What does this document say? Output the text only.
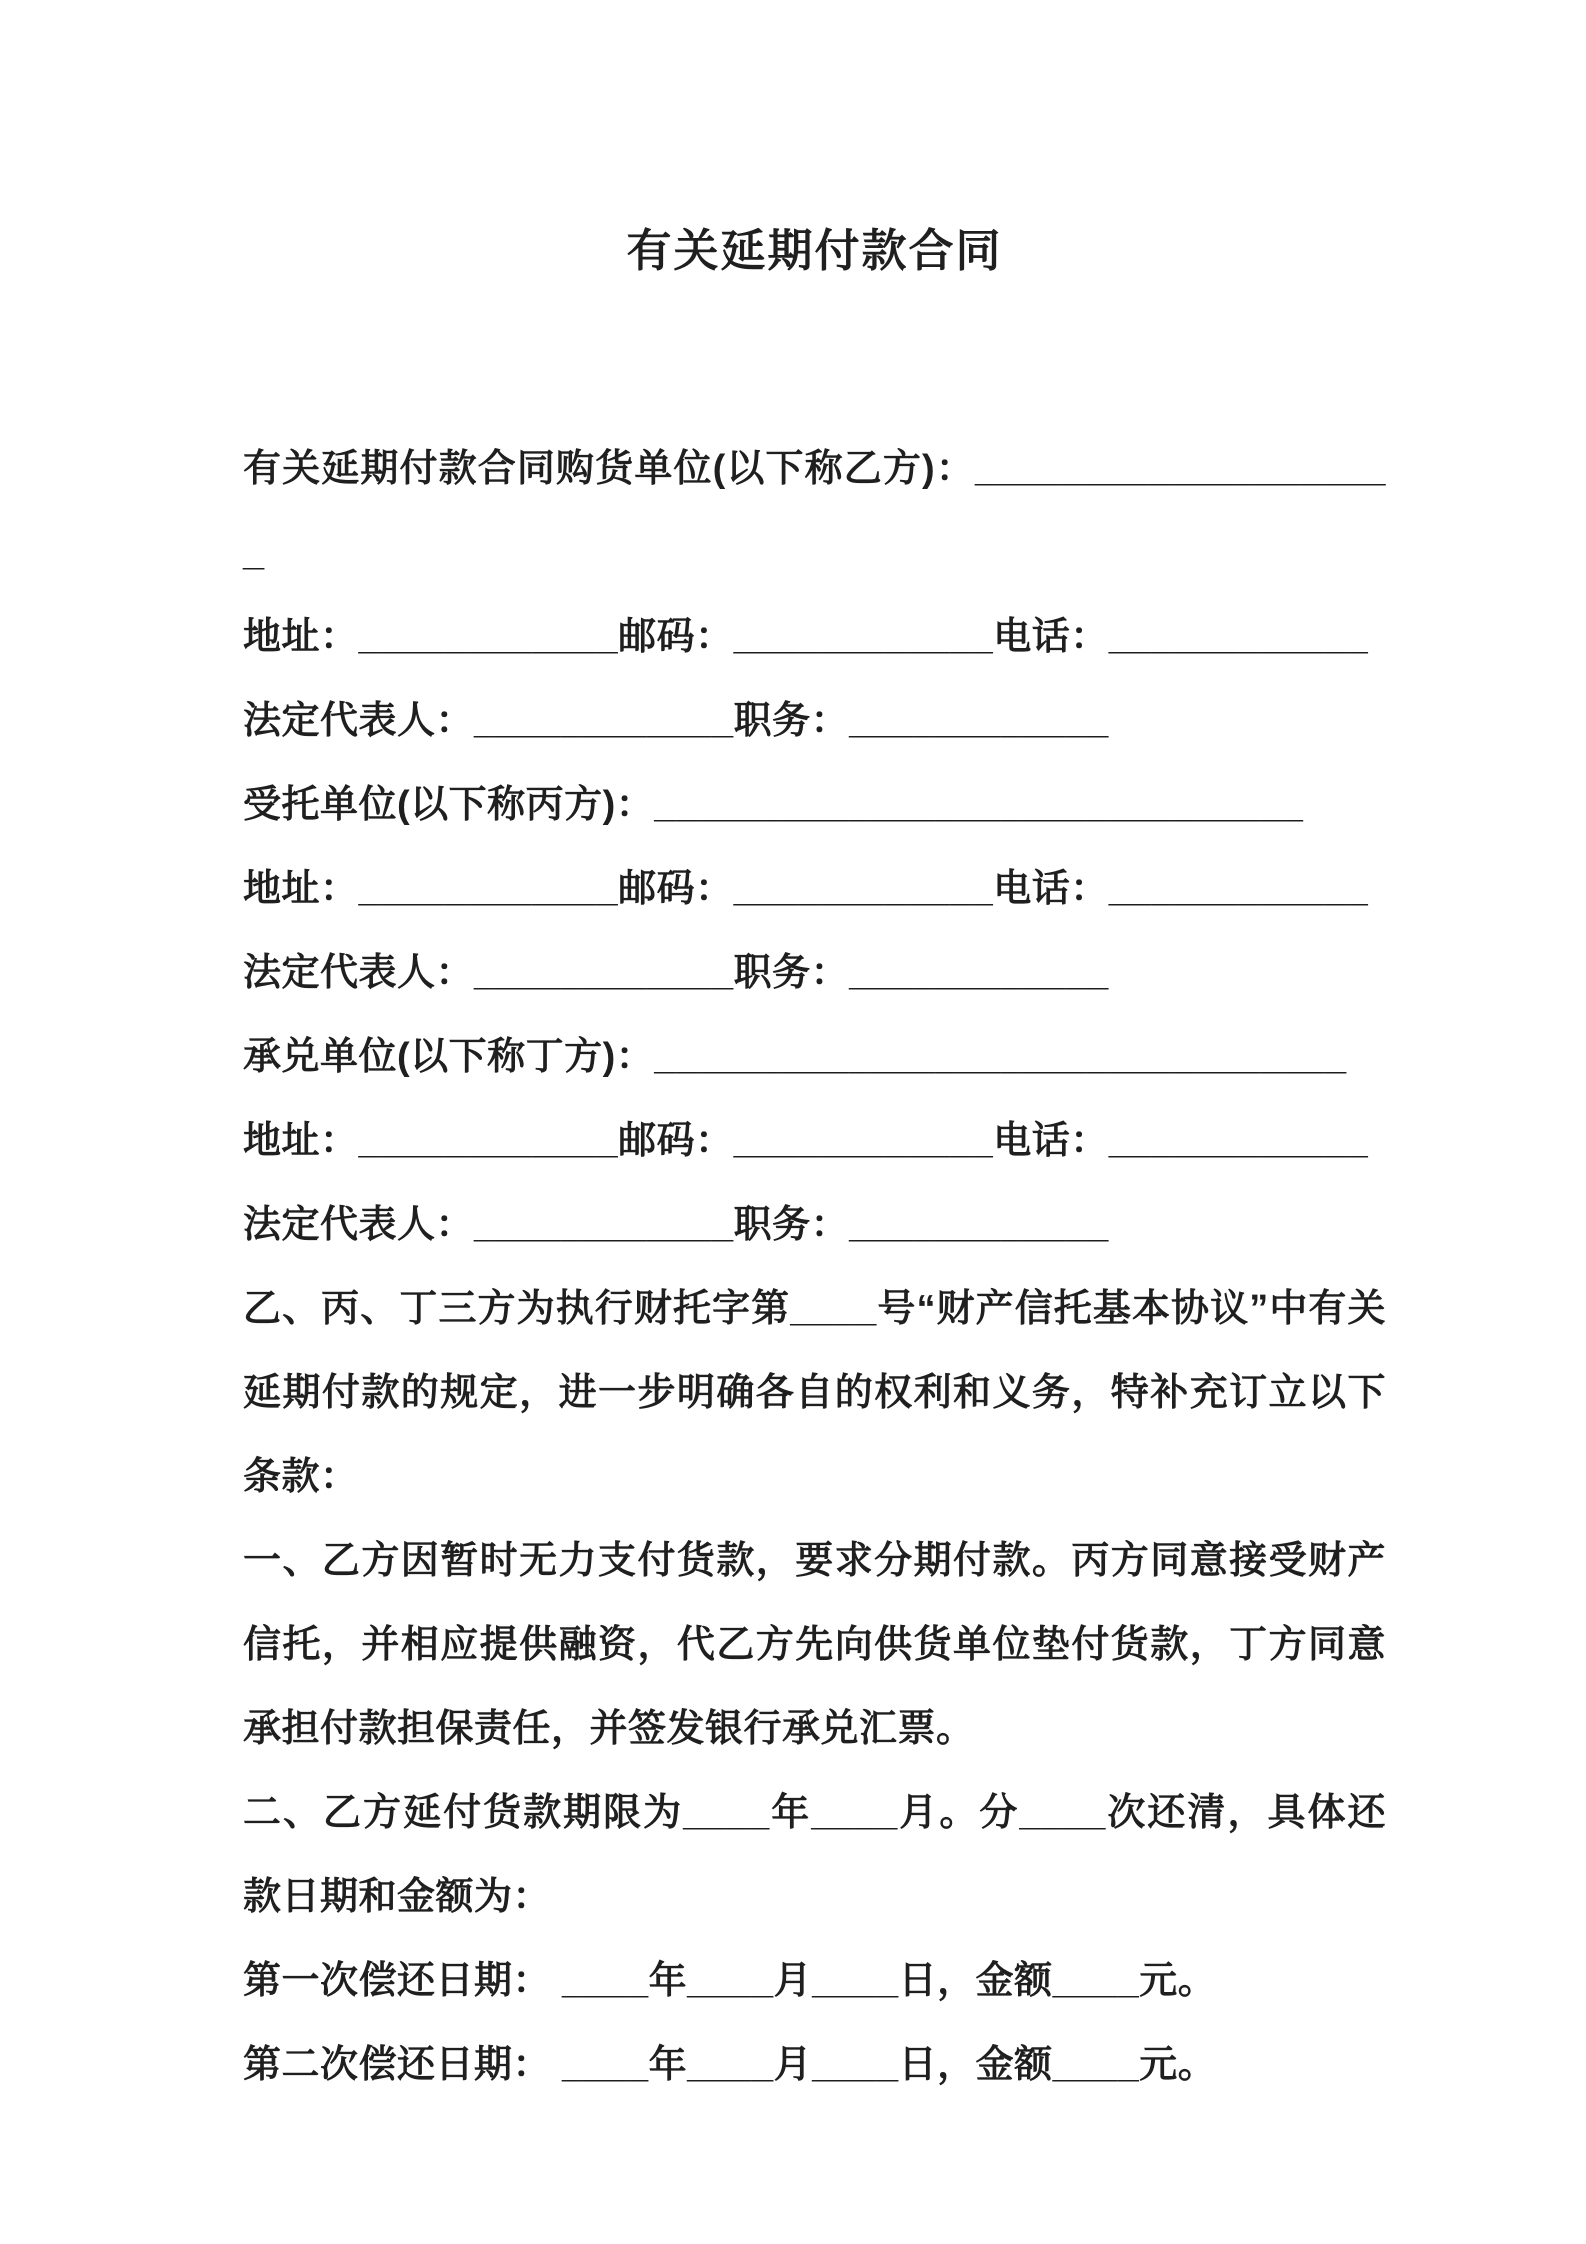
有关延期付款合同

有关延期付款合同购货单位(以下称乙方)：____________________

地址：____________邮码：____________电话：____________

法定代表人：____________职务：____________

受托单位(以下称丙方)：______________________________

地址：____________邮码：____________电话：____________

法定代表人：____________职务：____________

承兑单位(以下称丁方)：________________________________

地址：____________邮码：____________电话：____________

法定代表人：____________职务：____________

乙、丙、丁三方为执行财托字第____号“财产信托基本协议”中有关延期付款的规定，进一步明确各自的权利和义务，特补充订立以下条款：

一、乙方因暂时无力支付货款，要求分期付款。丙方同意接受财产信托，并相应提供融资，代乙方先向供货单位垫付货款，丁方同意承担付款担保责任，并签发银行承兑汇票。

二、乙方延付货款期限为____年____月。分____次还清，具体还款日期和金额为：

第一次偿还日期： ____年____月____日，金额____元。

第二次偿还日期： ____年____月____日，金额____元。
